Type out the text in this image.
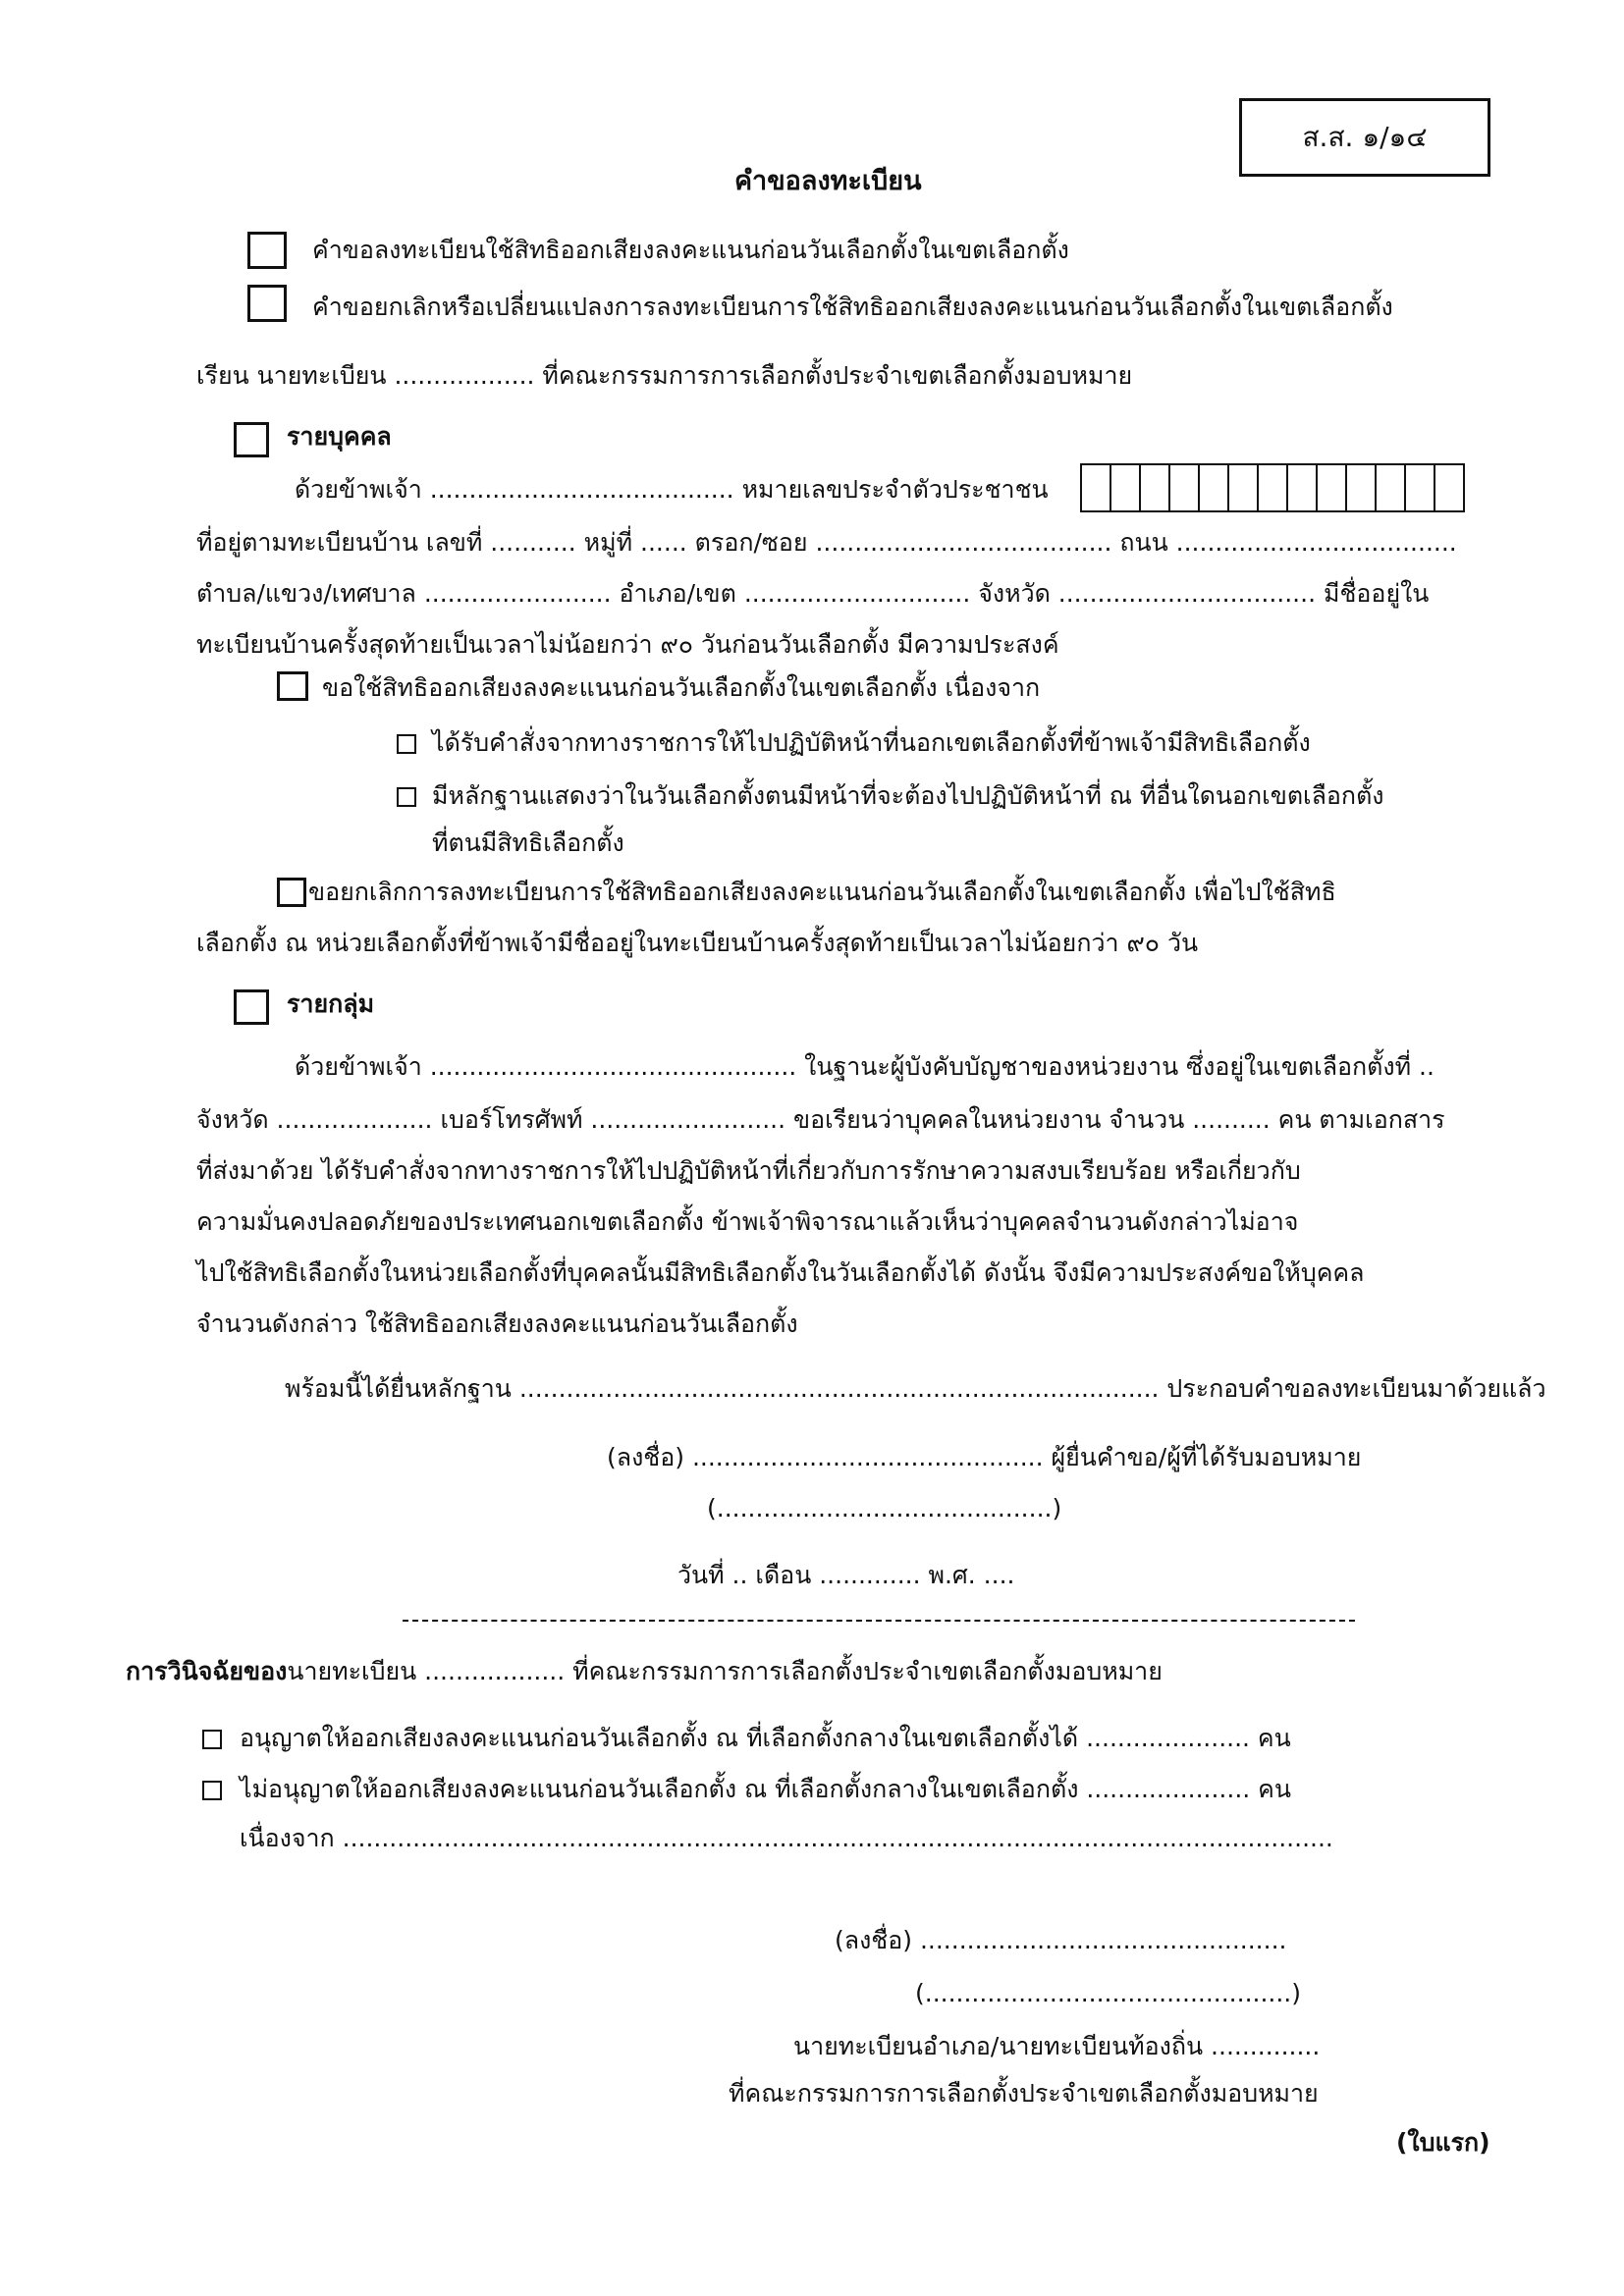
ส.ส. ๑/๑๔
คำขอลงทะเบียน
คำขอลงทะเบียนใช้สิทธิออกเสียงลงคะแนนก่อนวันเลือกตั้งในเขตเลือกตั้ง
คำขอยกเลิกหรือเปลี่ยนแปลงการลงทะเบียนการใช้สิทธิออกเสียงลงคะแนนก่อนวันเลือกตั้งในเขตเลือกตั้ง
เรียน นายทะเบียน .................. ที่คณะกรรมการการเลือกตั้งประจำเขตเลือกตั้งมอบหมาย
รายบุคคล
ด้วยข้าพเจ้า ....................................... หมายเลขประจำตัวประชาชน
ที่อยู่ตามทะเบียนบ้าน เลขที่ ........... หมู่ที่ ...... ตรอก/ซอย ...................................... ถนน ....................................
ตำบล/แขวง/เทศบาล ........................ อำเภอ/เขต ............................. จังหวัด ................................. มีชื่ออยู่ใน
ทะเบียนบ้านครั้งสุดท้ายเป็นเวลาไม่น้อยกว่า ๙๐ วันก่อนวันเลือกตั้ง มีความประสงค์
ขอใช้สิทธิออกเสียงลงคะแนนก่อนวันเลือกตั้งในเขตเลือกตั้ง เนื่องจาก
ได้รับคำสั่งจากทางราชการให้ไปปฏิบัติหน้าที่นอกเขตเลือกตั้งที่ข้าพเจ้ามีสิทธิเลือกตั้ง
มีหลักฐานแสดงว่าในวันเลือกตั้งตนมีหน้าที่จะต้องไปปฏิบัติหน้าที่ ณ ที่อื่นใดนอกเขตเลือกตั้ง
ที่ตนมีสิทธิเลือกตั้ง
ขอยกเลิกการลงทะเบียนการใช้สิทธิออกเสียงลงคะแนนก่อนวันเลือกตั้งในเขตเลือกตั้ง เพื่อไปใช้สิทธิ
เลือกตั้ง ณ หน่วยเลือกตั้งที่ข้าพเจ้ามีชื่ออยู่ในทะเบียนบ้านครั้งสุดท้ายเป็นเวลาไม่น้อยกว่า ๙๐ วัน
รายกลุ่ม
ด้วยข้าพเจ้า ............................................... ในฐานะผู้บังคับบัญชาของหน่วยงาน ซึ่งอยู่ในเขตเลือกตั้งที่ ..
จังหวัด .................... เบอร์โทรศัพท์ ......................... ขอเรียนว่าบุคคลในหน่วยงาน จำนวน .......... คน ตามเอกสาร
ที่ส่งมาด้วย ได้รับคำสั่งจากทางราชการให้ไปปฏิบัติหน้าที่เกี่ยวกับการรักษาความสงบเรียบร้อย หรือเกี่ยวกับ
ความมั่นคงปลอดภัยของประเทศนอกเขตเลือกตั้ง ข้าพเจ้าพิจารณาแล้วเห็นว่าบุคคลจำนวนดังกล่าวไม่อาจ
ไปใช้สิทธิเลือกตั้งในหน่วยเลือกตั้งที่บุคคลนั้นมีสิทธิเลือกตั้งในวันเลือกตั้งได้ ดังนั้น จึงมีความประสงค์ขอให้บุคคล
จำนวนดังกล่าว ใช้สิทธิออกเสียงลงคะแนนก่อนวันเลือกตั้ง
พร้อมนี้ได้ยื่นหลักฐาน .................................................................................. ประกอบคำขอลงทะเบียนมาด้วยแล้ว
(ลงชื่อ) ............................................. ผู้ยื่นคำขอ/ผู้ที่ได้รับมอบหมาย
(...........................................)
วันที่ .. เดือน ............. พ.ศ. ....
การวินิจฉัยของนายทะเบียน .................. ที่คณะกรรมการการเลือกตั้งประจำเขตเลือกตั้งมอบหมาย
อนุญาตให้ออกเสียงลงคะแนนก่อนวันเลือกตั้ง ณ ที่เลือกตั้งกลางในเขตเลือกตั้งได้ ..................... คน
ไม่อนุญาตให้ออกเสียงลงคะแนนก่อนวันเลือกตั้ง ณ ที่เลือกตั้งกลางในเขตเลือกตั้ง ..................... คน
เนื่องจาก ...............................................................................................................................
(ลงชื่อ) ...............................................
(...............................................)
นายทะเบียนอำเภอ/นายทะเบียนท้องถิ่น ..............
ที่คณะกรรมการการเลือกตั้งประจำเขตเลือกตั้งมอบหมาย
(ใบแรก)
